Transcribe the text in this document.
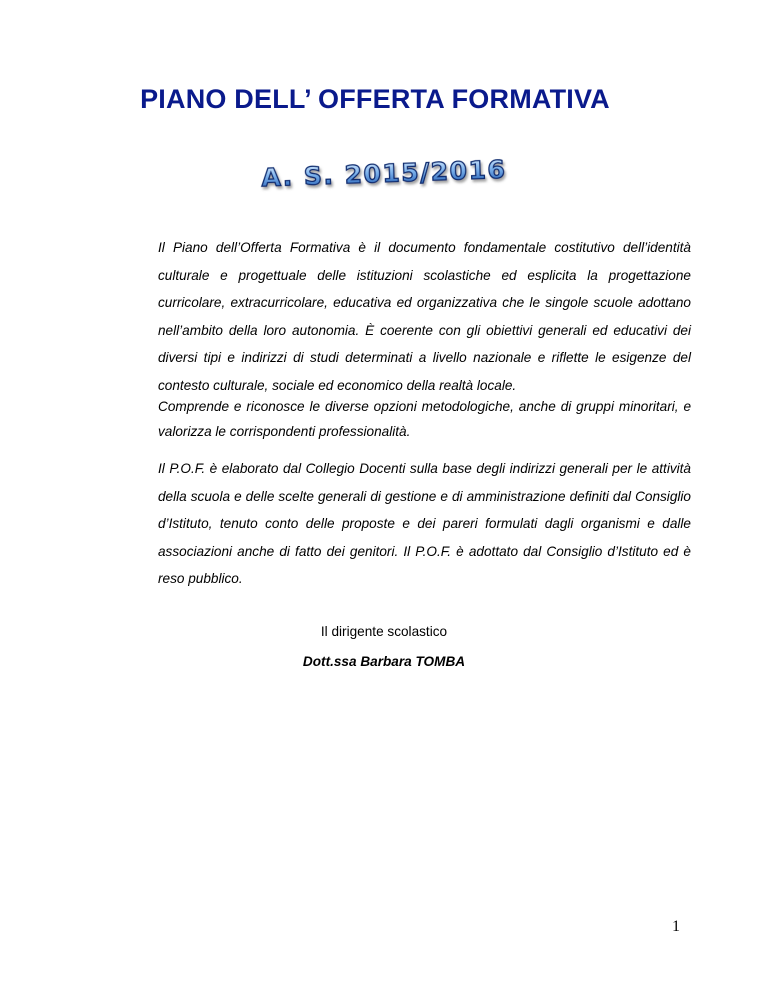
PIANO DELL’ OFFERTA FORMATIVA
A. S. 2015/2016

Il Piano dell’Offerta Formativa è il documento fondamentale costitutivo dell’identità culturale e progettuale delle istituzioni scolastiche ed esplicita la progettazione curricolare, extracurricolare, educativa ed organizzativa che le singole scuole adottano nell’ambito della loro autonomia. È coerente con gli obiettivi generali ed educativi dei diversi tipi e indirizzi di studi determinati a livello nazionale e riflette le esigenze del contesto culturale, sociale ed economico della realtà locale.

Comprende e riconosce le diverse opzioni metodologiche, anche di gruppi minoritari, e valorizza le corrispondenti professionalità.

Il P.O.F. è elaborato dal Collegio Docenti sulla base degli indirizzi generali per le attività della scuola e delle scelte generali di gestione e di amministrazione definiti dal Consiglio d’Istituto, tenuto conto delle proposte e dei pareri formulati dagli organismi e dalle associazioni anche di fatto dei genitori. Il P.O.F. è adottato dal Consiglio d’Istituto ed è reso pubblico.

Il dirigente scolastico

Dott.ssa Barbara TOMBA

1
